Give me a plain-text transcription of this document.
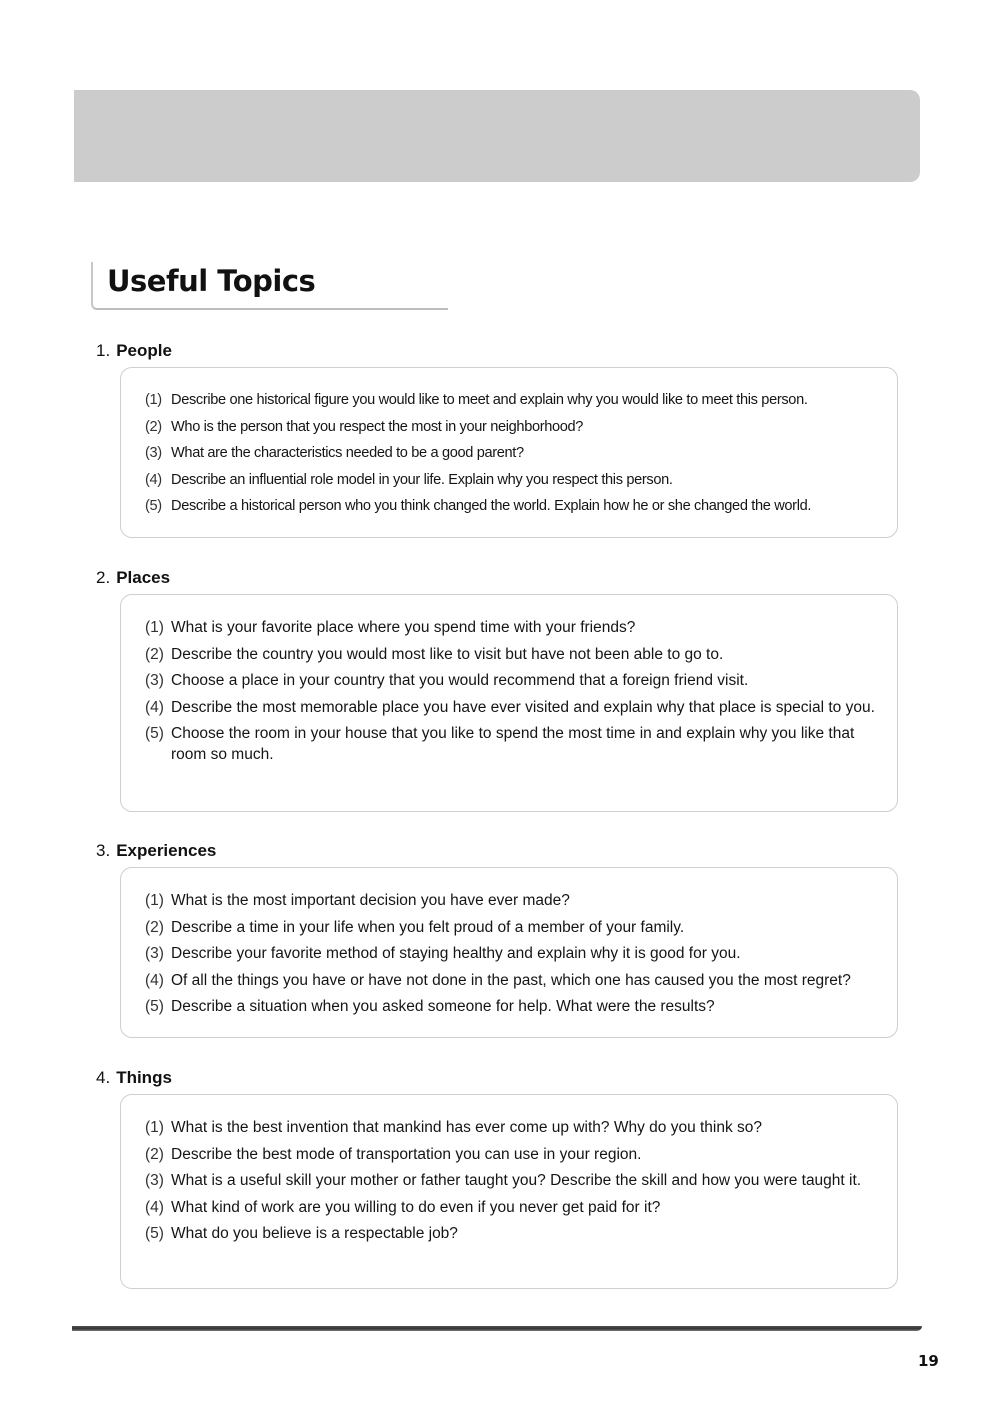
Useful Topics
1. People
(1) Describe one historical figure you would like to meet and explain why you would like to meet this person.
(2) Who is the person that you respect the most in your neighborhood?
(3) What are the characteristics needed to be a good parent?
(4) Describe an influential role model in your life. Explain why you respect this person.
(5) Describe a historical person who you think changed the world. Explain how he or she changed the world.
2. Places
(1) What is your favorite place where you spend time with your friends?
(2) Describe the country you would most like to visit but have not been able to go to.
(3) Choose a place in your country that you would recommend that a foreign friend visit.
(4) Describe the most memorable place you have ever visited and explain why that place is special to you.
(5) Choose the room in your house that you like to spend the most time in and explain why you like that room so much.
3. Experiences
(1) What is the most important decision you have ever made?
(2) Describe a time in your life when you felt proud of a member of your family.
(3) Describe your favorite method of staying healthy and explain why it is good for you.
(4) Of all the things you have or have not done in the past, which one has caused you the most regret?
(5) Describe a situation when you asked someone for help. What were the results?
4. Things
(1) What is the best invention that mankind has ever come up with? Why do you think so?
(2) Describe the best mode of transportation you can use in your region.
(3) What is a useful skill your mother or father taught you? Describe the skill and how you were taught it.
(4) What kind of work are you willing to do even if you never get paid for it?
(5) What do you believe is a respectable job?
19
